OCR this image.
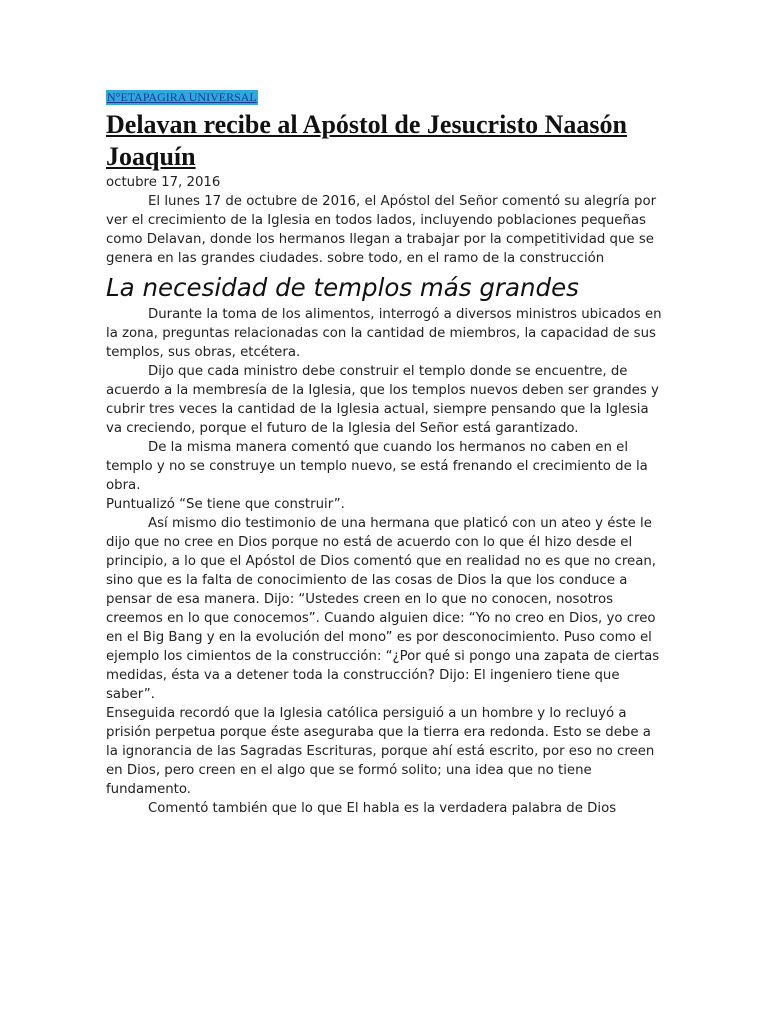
N°ETAPAGIRA UNIVERSAL
Delavan recibe al Apóstol de Jesucristo Naasón Joaquín
octubre 17, 2016

El lunes 17 de octubre de 2016, el Apóstol del Señor comentó su alegría por ver el crecimiento de la Iglesia en todos lados, incluyendo poblaciones pequeñas como Delavan, donde los hermanos llegan a trabajar por la competitividad que se genera en las grandes ciudades. sobre todo, en el ramo de la construcción

La necesidad de templos más grandes

Durante la toma de los alimentos, interrogó a diversos ministros ubicados en la zona, preguntas relacionadas con la cantidad de miembros, la capacidad de sus templos, sus obras, etcétera.

Dijo que cada ministro debe construir el templo donde se encuentre, de acuerdo a la membresía de la Iglesia, que los templos nuevos deben ser grandes y cubrir tres veces la cantidad de la Iglesia actual, siempre pensando que la Iglesia va creciendo, porque el futuro de la Iglesia del Señor está garantizado.

De la misma manera comentó que cuando los hermanos no caben en el templo y no se construye un templo nuevo, se está frenando el crecimiento de la obra.

Puntualizó “Se tiene que construir”.

Así mismo dio testimonio de una hermana que platicó con un ateo y éste le dijo que no cree en Dios porque no está de acuerdo con lo que él hizo desde el principio, a lo que el Apóstol de Dios comentó que en realidad no es que no crean, sino que es la falta de conocimiento de las cosas de Dios la que los conduce a pensar de esa manera. Dijo: “Ustedes creen en lo que no conocen, nosotros creemos en lo que conocemos”. Cuando alguien dice: “Yo no creo en Dios, yo creo en el Big Bang y en la evolución del mono” es por desconocimiento. Puso como el ejemplo los cimientos de la construcción: “¿Por qué si pongo una zapata de ciertas medidas, ésta va a detener toda la construcción? Dijo: El ingeniero tiene que saber”.

Enseguida recordó que la Iglesia católica persiguió a un hombre y lo recluyó a prisión perpetua porque éste aseguraba que la tierra era redonda. Esto se debe a la ignorancia de las Sagradas Escrituras, porque ahí está escrito, por eso no creen en Dios, pero creen en el algo que se formó solito; una idea que no tiene fundamento.

Comentó también que lo que El habla es la verdadera palabra de Dios
